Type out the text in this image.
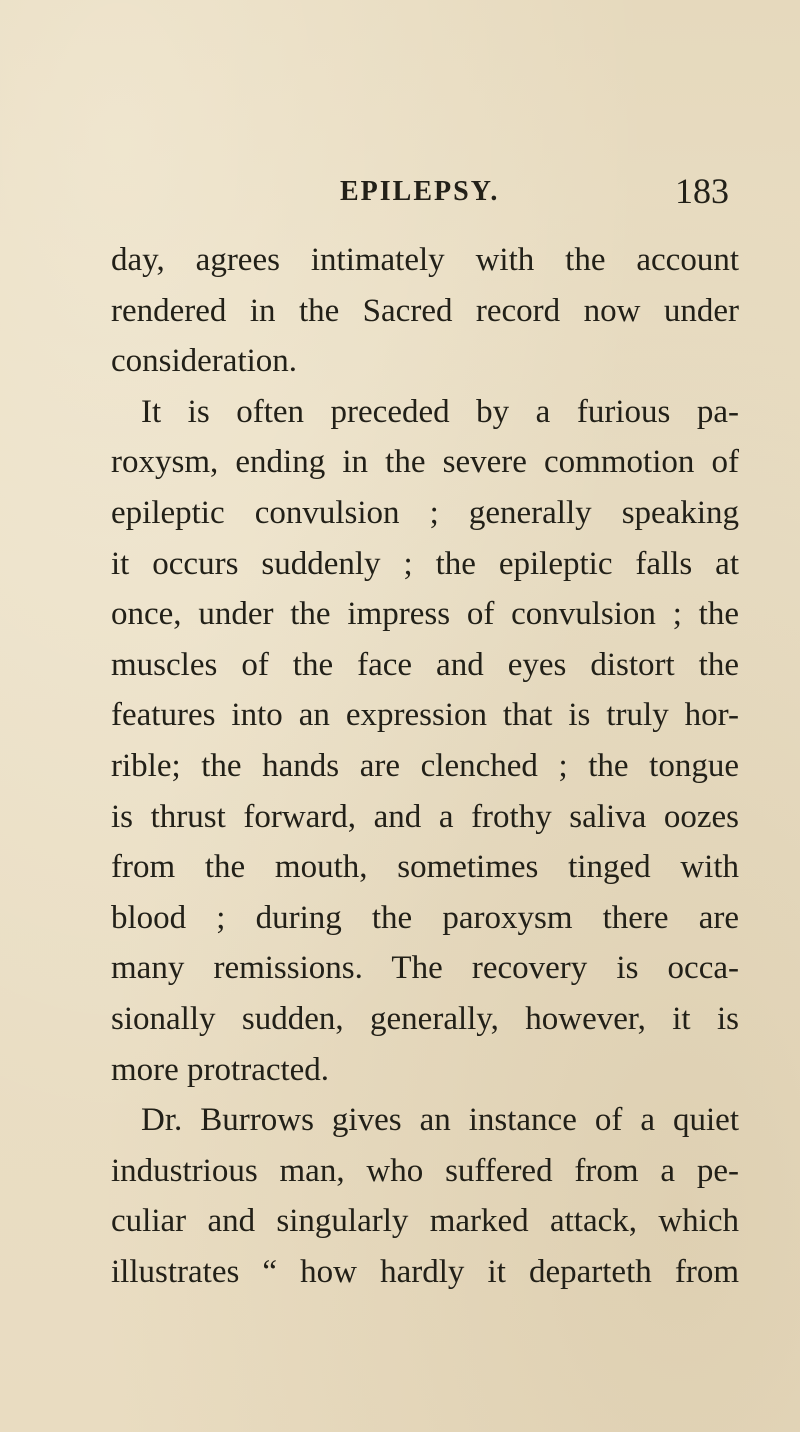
EPILEPSY.	183
day, agrees intimately with the account
rendered in the Sacred record now under
consideration.
It is often preceded by a furious pa-
roxysm, ending in the severe commotion of
epileptic convulsion ; generally speaking
it occurs suddenly ; the epileptic falls at
once, under the impress of convulsion ; the
muscles of the face and eyes distort the
features into an expression that is truly hor-
rible; the hands are clenched ; the tongue
is thrust forward, and a frothy saliva oozes
from the mouth, sometimes tinged with
blood ; during the paroxysm there are
many remissions. The recovery is occa-
sionally sudden, generally, however, it is
more protracted.
Dr. Burrows gives an instance of a quiet
industrious man, who suffered from a pe-
culiar and singularly marked attack, which
illustrates “ how hardly it departeth from
